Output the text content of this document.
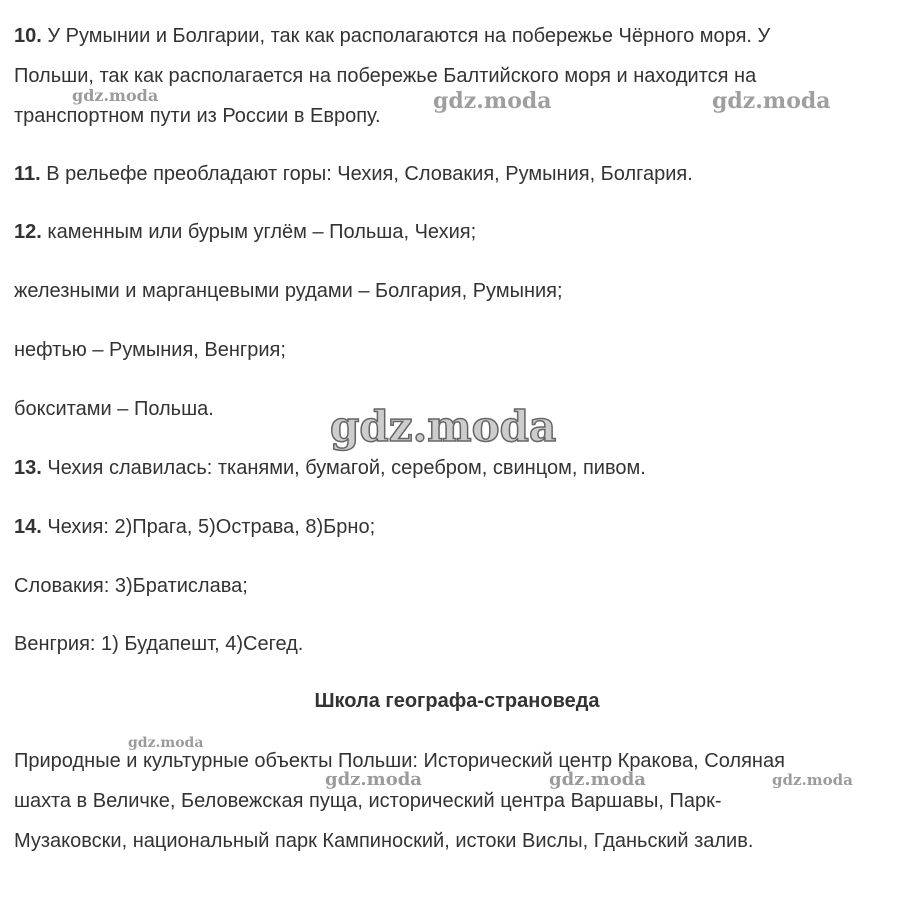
10. У Румынии и Болгарии, так как располагаются на побережье Чёрного моря. У
Польши, так как располагается на побережье Балтийского моря и находится на
транспортном пути из России в Европу.
11. В рельефе преобладают горы: Чехия, Словакия, Румыния, Болгария.
12. каменным или бурым углём – Польша, Чехия;
железными и марганцевыми рудами – Болгария, Румыния;
нефтью – Румыния, Венгрия;
бокситами – Польша.
13. Чехия славилась: тканями, бумагой, серебром, свинцом, пивом.
14. Чехия: 2)Прага, 5)Острава, 8)Брно;
Словакия: 3)Братислава;
Венгрия: 1) Будапешт, 4)Сегед.
Школа географа-страноведа
Природные и культурные объекты Польши: Исторический центр Кракова, Соляная
шахта в Величке, Беловежская пуща, исторический центра Варшавы, Парк-
Музаковски, национальный парк Кампиноский, истоки Вислы, Гданьский залив.
gdz.moda	gdz.moda	gdz.moda
gdz.moda
gdz.moda
gdz.moda	gdz.moda	gdz.moda
